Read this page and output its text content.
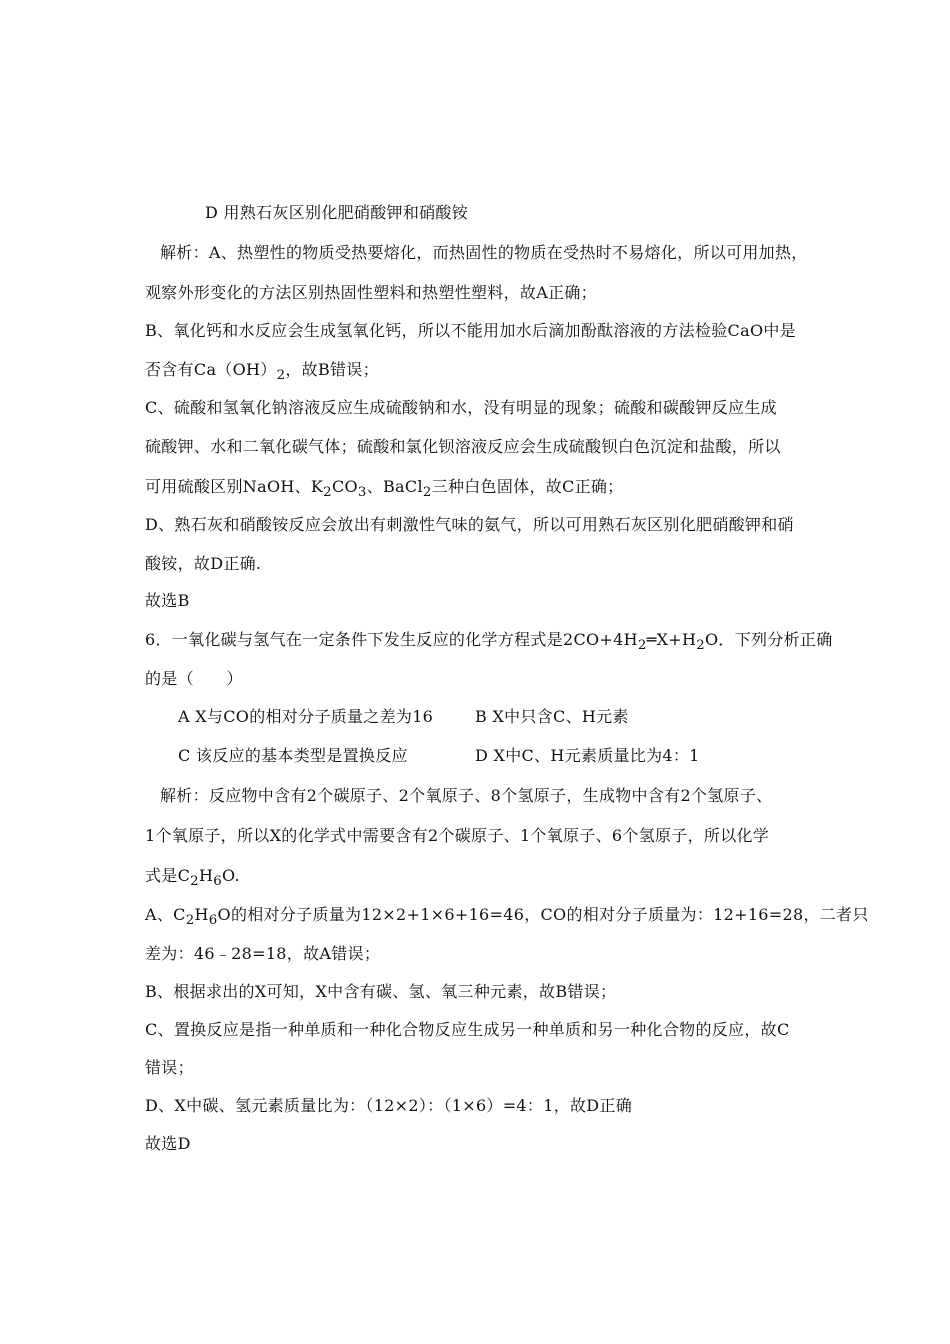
D 用熟石灰区别化肥硝酸钾和硝酸铵
解析：A、热塑性的物质受热要熔化，而热固性的物质在受热时不易熔化，所以可用加热，
观察外形变化的方法区别热固性塑料和热塑性塑料，故A正确；
B、氧化钙和水反应会生成氢氧化钙，所以不能用加水后滴加酚酞溶液的方法检验CaO中是
否含有$Ca(OH)_2$，故B错误；
C、硫酸和氢氧化钠溶液反应生成硫酸钠和水，没有明显的现象；硫酸和碳酸钾反应生成
硫酸钾、水和二氧化碳气体；硫酸和氯化钡溶液反应会生成硫酸钡白色沉淀和盐酸，所以
可用硫酸区别NaOH、$K_2CO_3$、BaCl$_2$三种白色固体，故C正确；
D、熟石灰和硝酸铵反应会放出有刺激性气味的氨气，所以可用熟石灰区别化肥硝酸钾和硝
酸铵，故D正确.
故选B
6．一氧化碳与氢气在一定条件下发生反应的化学方程式是$2CO+4H_2═X+H_2O$．下列分析正确
的是（　　）
A X与CO的相对分子质量之差为16	B X中只含C、H元素
C 该反应的基本类型是置换反应	D X中C、H元素质量比为4：1
解析：反应物中含有2个碳原子、2个氧原子、8个氢原子，生成物中含有2个氢原子、
1个氧原子，所以X的化学式中需要含有2个碳原子、1个氧原子、6个氢原子，所以化学
式是$C_2H_6O$.
A、$C_2H_6O$的相对分子质量为12×2+1×6+16=46，CO的相对分子质量为：12+16=28，二者只
差为：46﹣28=18，故A错误；
B、根据求出的X可知，X中含有碳、氢、氧三种元素，故B错误；
C、置换反应是指一种单质和一种化合物反应生成另一种单质和另一种化合物的反应，故C
错误；
D、X中碳、氢元素质量比为：（12×2）：（1×6）=4：1，故D正确
故选D
